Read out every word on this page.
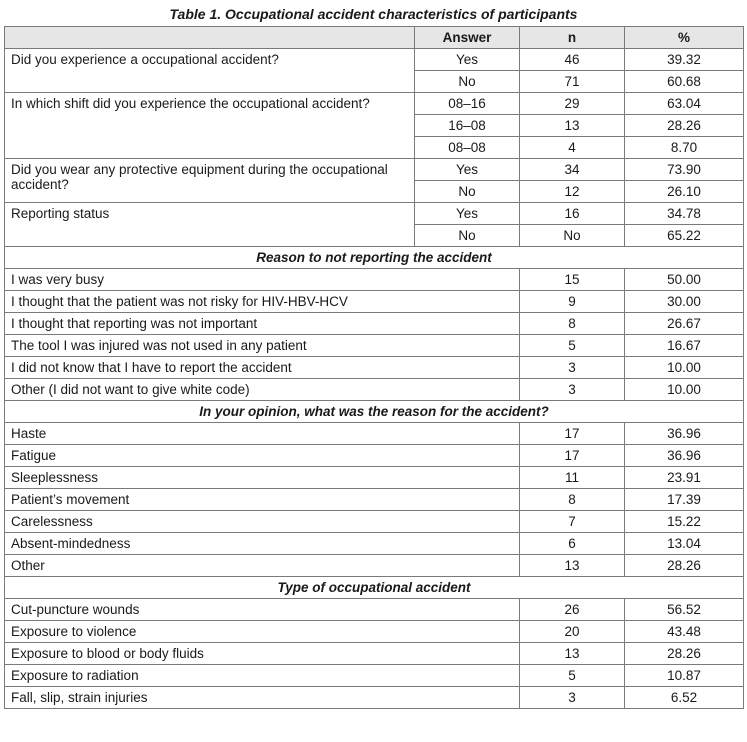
Table 1. Occupational accident characteristics of participants
	Answer	n	%
Did you experience a occupational accident?	Yes	46	39.32
	No	71	60.68
In which shift did you experience the occupational accident?	08–16	29	63.04
	16–08	13	28.26
	08–08	4	8.70
Did you wear any protective equipment during the occupational accident?	Yes	34	73.90
	No	12	26.10
Reporting status	Yes	16	34.78
	No	No	65.22
Reason to not reporting the accident			
I was very busy		15	50.00
I thought that the patient was not risky for HIV-HBV-HCV		9	30.00
I thought that reporting was not important		8	26.67
The tool I was injured was not used in any patient		5	16.67
I did not know that I have to report the accident		3	10.00
Other (I did not want to give white code)		3	10.00
In your opinion, what was the reason for the accident?			
Haste		17	36.96
Fatigue		17	36.96
Sleeplessness		11	23.91
Patient’s movement		8	17.39
Carelessness		7	15.22
Absent-mindedness		6	13.04
Other		13	28.26
Type of occupational accident			
Cut-puncture wounds		26	56.52
Exposure to violence		20	43.48
Exposure to blood or body fluids		13	28.26
Exposure to radiation		5	10.87
Fall, slip, strain injuries		3	6.52
